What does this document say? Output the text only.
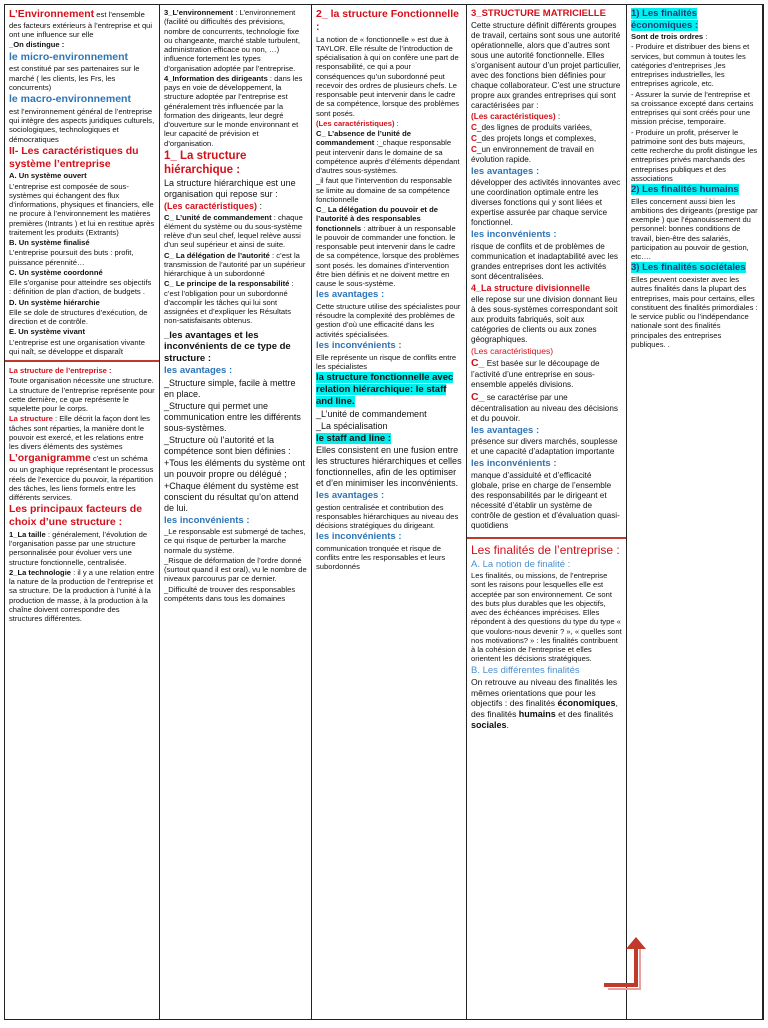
L’Environnement est l’ensemble des facteurs extérieurs à l’entreprise et qui ont une influence sur elle

_On distingue :

le micro-environnement

est constitué par ses partenaires sur le marché ( les clients, les Frs, les concurrents)

le macro-environnement

est l’environnement général de l’entreprise qui intègre des aspects juridiques culturels, sociologiques, technologiques et démocratiques

II- Les caractéristiques du système l’entreprise

A. Un système ouvert

L’entreprise est composée de sous-systèmes qui échangent des flux d’informations, physiques et financiers, elle ne procure à l’environnement les matières premières (Intrants ) et lui en restitue après traitement les produits (Extrants)

B. Un système finalisé

L’entreprise poursuit des buts : profit, puissance pérennité…

C. Un système coordonné

Elle s’organise pour atteindre ses objectifs : définition de plan d’action, de budgets .

D. Un système hiérarchie

Elle se dole de structures d’exécution, de direction et de contrôle.

E. Un système vivant

L’entreprise est une organisation vivante qui naît, se développe et disparaît

La structure de l’entreprise :

Toute organisation nécessite une structure. La structure de l’entreprise représente pour cette dernière, ce que représente le squelette pour le corps.

La structure : Elle décrit la façon dont les tâches sont réparties, la manière dont le pouvoir est exercé, et les relations entre les divers éléments des systèmes

L’organigramme c’est un schéma ou un graphique représentant le processus réels de l’exercice du pouvoir, la répartition des tâches, les liens formels entre les différents services.

Les principaux facteurs de choix d’une structure :

1_La taille : généralement, l’évolution de l’organisation passe par une structure personnalisée pour évoluer vers une structure fonctionnelle, centralisée.

2_La technologie : il y a une relation entre la nature de la production de l’entreprise et sa structure. De la production à l’unité à la production de masse, à la production à la chaîne doivent correspondre des structures différentes.

3_L’environnement : L’environnement (facilité ou difficultés des prévisions, nombre de concurrents, technologie fixe ou changeante, marché stable turbulent, administration efficace ou non, …) influence fortement les types d’organisation adoptée par l’entreprise.

4_Information des dirigeants : dans les pays en voie de développement, la structure adoptée par l’entreprise est généralement très influencée par la formation des dirigeants, leur degré d’ouverture sur le monde environnant et leur capacité de prévision et d’organisation.

1_ La structure hiérarchique :

La structure hiérarchique est une organisation qui repose sur :

(Les caractéristiques) :

C_ L’unité de commandement : chaque élément du système ou du sous-système relève d’un seul chef, lequel relève aussi d’un seul supérieur et ainsi de suite.

C_ La délégation de l’autorité : c’est la transmission de l’autorité par un supérieur hiérarchique à un subordonné

C_ Le principe de la responsabilité : c’est l’obligation pour un subordonné d’accomplir les tâches qui lui sont assignées et d’expliquer les Résultats non-satisfaisants obtenus.

_les avantages et les inconvénients de ce type de structure :

les avantages :

_Structure simple, facile à mettre en place.

_Structure qui permet une communication entre les différents sous-systèmes.

_Structure où l’autorité et la compétence sont bien définies :

+Tous les éléments du système ont un pouvoir propre ou délégué ;

+Chaque élément du système est conscient du résultat qu’on attend de lui.

les inconvénients :

_Le responsable est submergé de taches, ce qui risque de perturber la marche normale du système.

_Risque de déformation de l’ordre donné (surtout quand il est oral), vu le nombre de niveaux parcourus par ce dernier.

_Difficulté de trouver des responsables compétents dans tous les domaines

2_ la structure Fonctionnelle :

La notion de « fonctionnelle » est due à TAYLOR. Elle résulte de l’introduction de spécialisation à qui on confère une part de responsabilité, ce qui a pour conséquences qu’un subordonné peut recevoir des ordres de plusieurs chefs. Le responsable peut intervenir dans le cadre de sa compétence, lorsque des problèmes sont posés.

(Les caractéristiques) :

C_ L’absence de l’unité de commandement :_chaque responsable peut intervenir dans le domaine de sa compétence auprès d’éléments dépendant d’autres sous-systèmes.

_il faut que l’intervention du responsable se limite au domaine de sa compétence fonctionnelle

C_ La délégation du pouvoir et de l’autorité à des responsables fonctionnels : attribuer à un responsable le pouvoir de commander une fonction. le responsable peut intervenir dans le cadre de sa compétence, lorsque des problèmes sont posés. les domaines d’intervention être bien définis et ne doivent mettre en cause le sous-système.

les avantages :

Cette structure utilise des spécialistes pour résoudre la complexité des problèmes de gestion d’où une efficacité dans les activités spécialisées.

les inconvénients :

Elle représente un risque de conflits entre les spécialistes

la structure fonctionnelle avec relation hiérarchique: le staff and line.

_L’unité de commandement

_La spécialisation

le staff and line :

Elles consistent en une fusion entre les structures hiérarchiques et celles fonctionnelles, afin de les optimiser et d’en minimiser les inconvénients.

les avantages :

gestion centralisée et contribution des responsables hiérarchiques au niveau des décisions stratégiques du dirigeant.

les inconvénients :

communication tronquée et risque de conflits entre les responsables et leurs subordonnés

3_STRUCTURE MATRICIELLE

Cette structure définit différents groupes de travail, certains sont sous une autorité opérationnelle, alors que d’autres sont sous une autorité fonctionnelle. Elles s’organisent autour d’un projet particulier, avec des fonctions bien définies pour chaque collaborateur. C’est une structure propre aux grandes entreprises qui sont caractérisées par :

(Les caractéristiques) :

C_des lignes de produits variées,

C_des projets longs et complexes,

C_un environnement de travail en évolution rapide.

les avantages :

développer des activités innovantes avec une coordination optimale entre les diverses fonctions qui y sont liées et expertise assurée par chaque service fonctionnel.

les inconvénients :

risque de conflits et de problèmes de communication et inadaptabilité avec les grandes entreprises dont les activités sont décentralisées.

4_La structure divisionnelle

elle repose sur une division donnant lieu à des sous-systèmes correspondant soit aux produits fabriqués, soit aux catégories de clients ou aux zones géographiques.

(Les caractéristiques)

C_ Est basée sur le découpage de l’activité d’une entreprise en sous-ensemble appelés divisions.

C_ se caractérise par une décentralisation au niveau des décisions et du pouvoir.

les avantages :

présence sur divers marchés, souplesse et une capacité d’adaptation importante

les inconvénients :

manque d’assiduité et d’efficacité globale, prise en charge de l’ensemble des responsabilités par le dirigeant et nécessité d’établir un système de contrôle de gestion et d’évaluation quasi-quotidiens

Les finalités de l’entreprise :

A. La notion de finalité :

Les finalités, ou missions, de l’entreprise sont les raisons pour lesquelles elle est acceptée par son environnement. Ce sont des buts plus durables que les objectifs, avec des échéances imprécises. Elles répondent à des questions du type du type « que voulons-nous devenir ? », « quelles sont nos motivations? » : les finalités contribuent à la cohésion de l’entreprise et elles orientent les décisions stratégiques.

B. Les différentes finalités

On retrouve au niveau des finalités les mêmes orientations que pour les objectifs : des finalités économiques, des finalités humains et des finalités sociales.

1) Les finalités économiques :

Sont de trois ordres :

- Produire et distribuer des biens et services, but commun à toutes les catégories d’entreprises ,les entreprises industrielles, les entreprises agricole, etc.

- Assurer la survie de l’entreprise et sa croissance excepté dans certains entreprises qui sont créés pour une mission précise, temporaire.

- Produire un profit, préserver le patrimoine sont des buts majeurs, cette recherche du profit distingue les entreprises privés marchands des entreprises publiques et des associations

2) Les finalités humains

Elles concernent aussi bien les ambitions des dirigeants (prestige par exemple ) que l’épanouissement du personnel: bonnes conditions de travail, bien-être des salariés, participation au pouvoir de gestion, etc….

3) Les finalités sociétales

Elles peuvent coexister avec les autres finalités dans la plupart des entreprises, mais pour certains, elles constituent des finalités primordiales : le service public ou l’indépendance nationale sont des finalités principales des entreprises publiques. .
